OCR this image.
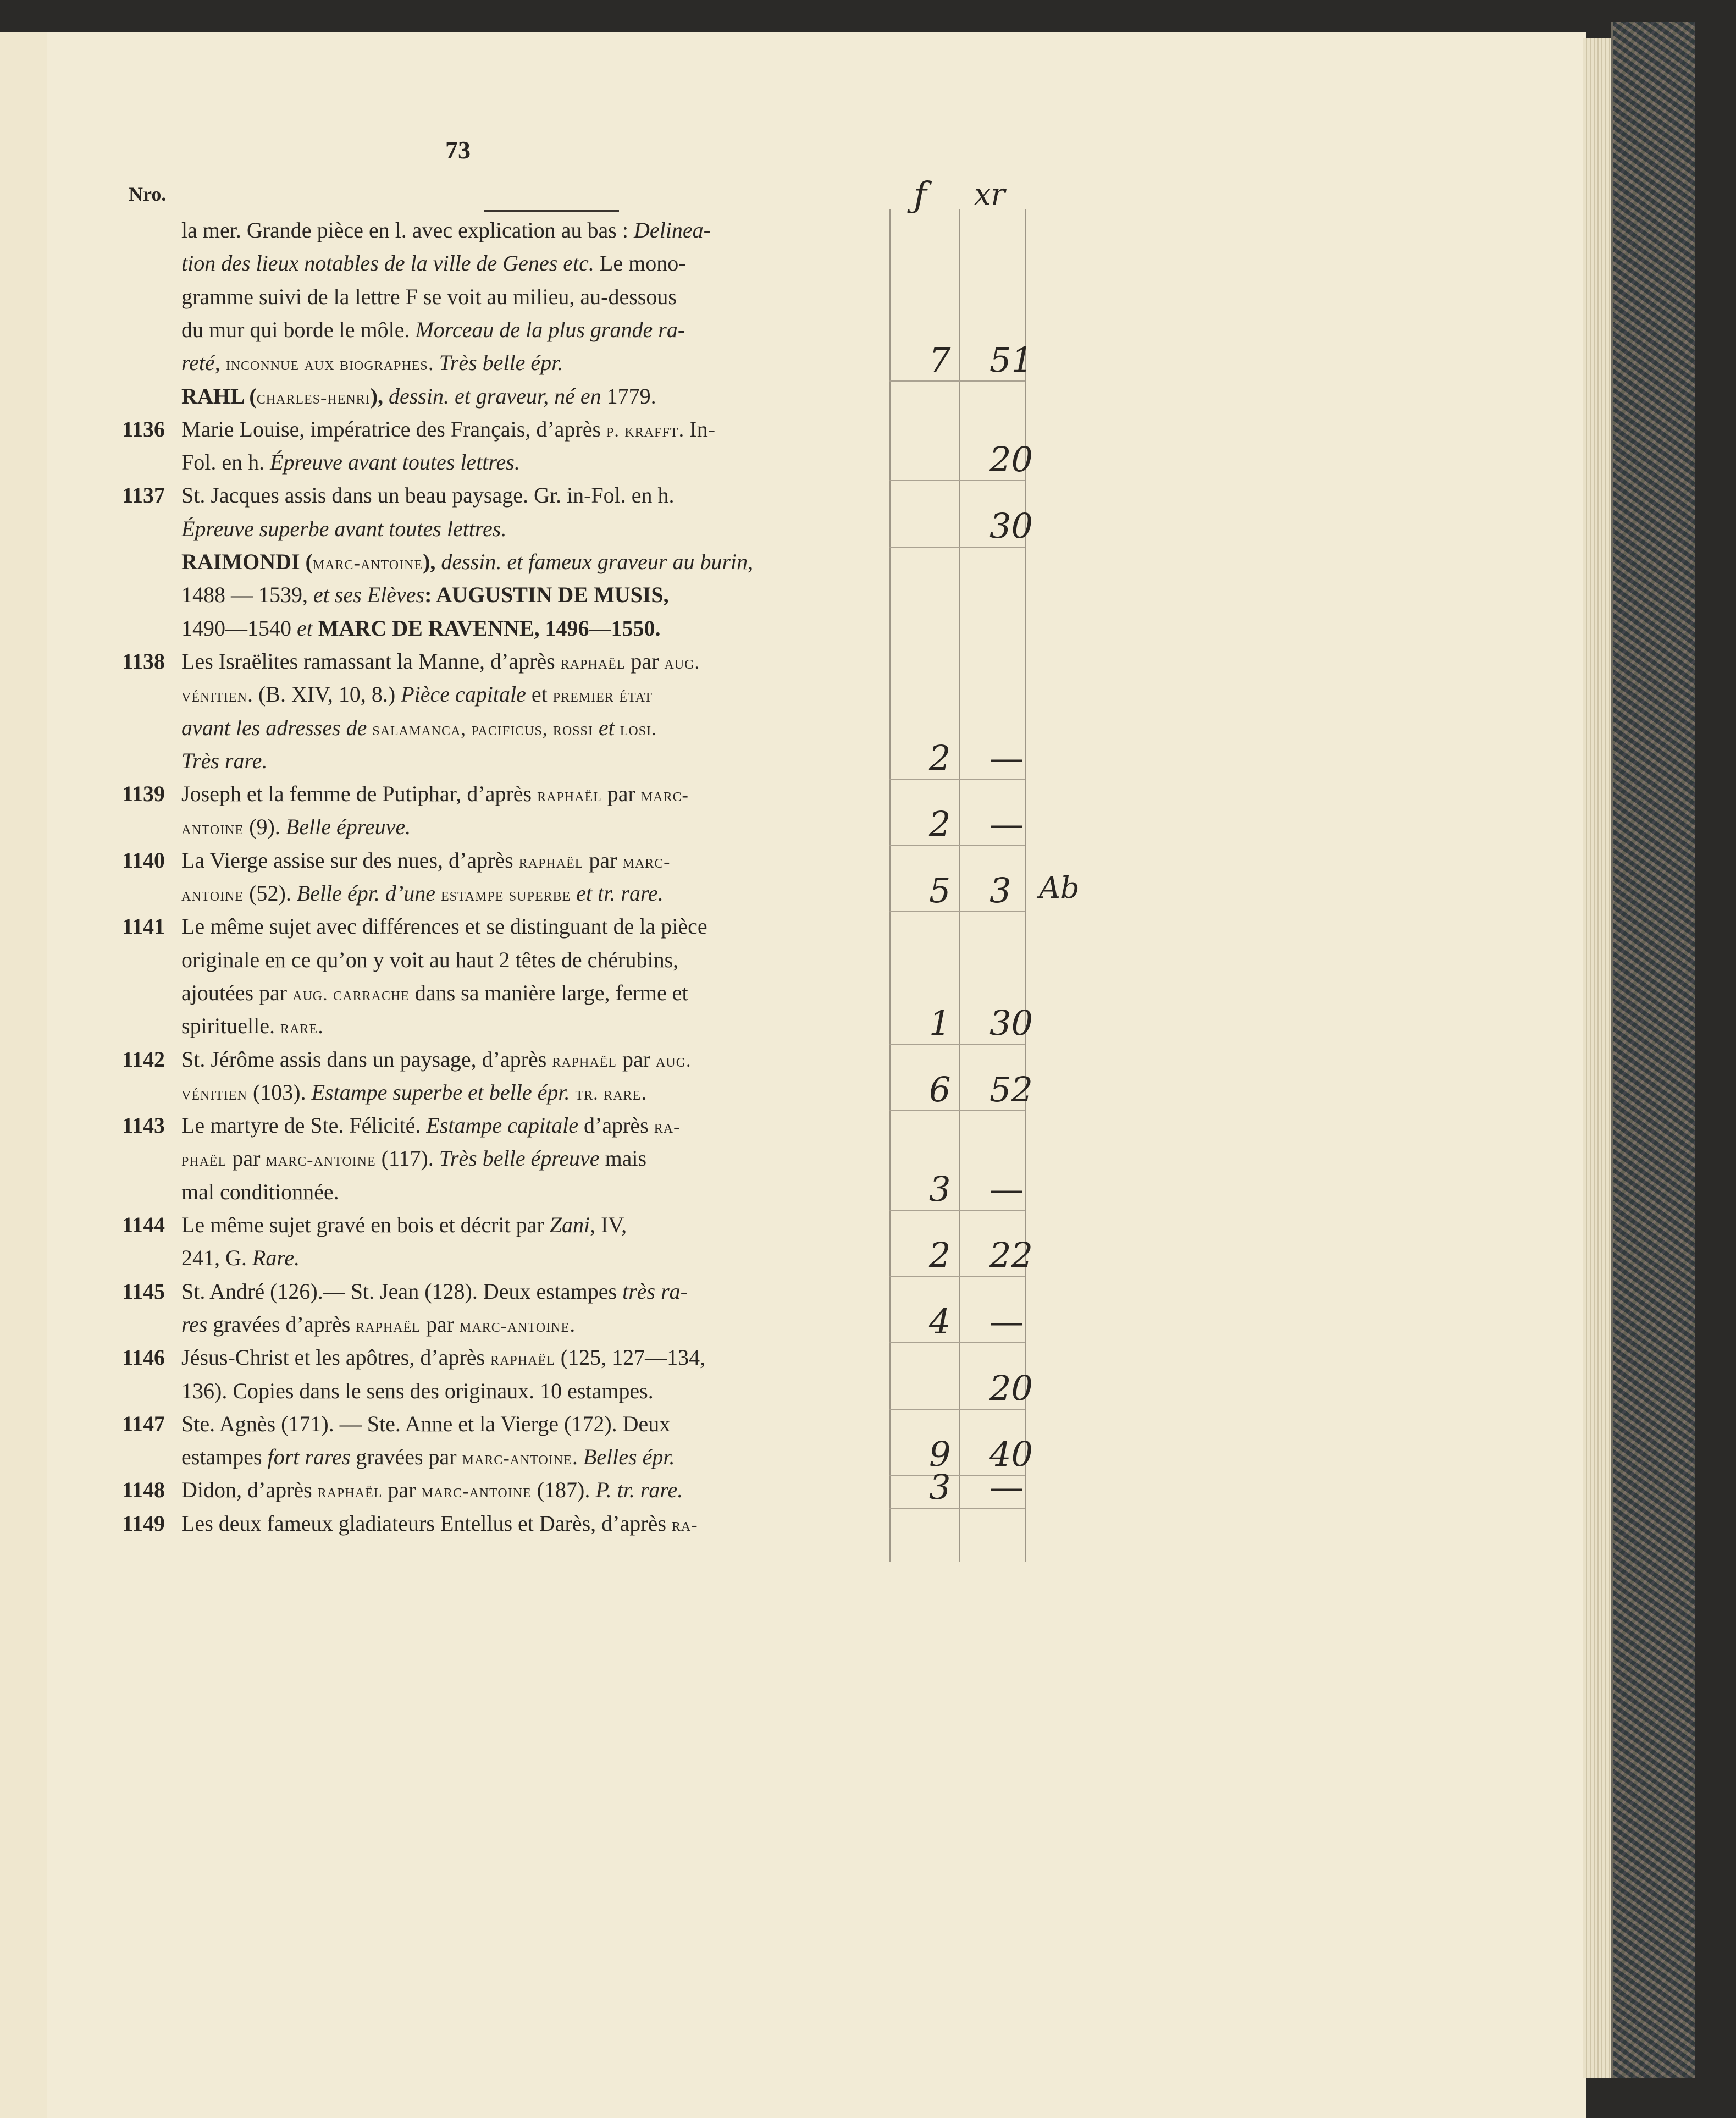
73
Nro.	ƒ xr
la mer. Grande pièce en l. avec explication au bas : Delinea-
tion des lieux notables de la ville de Genes etc. Le mono-
gramme suivi de la lettre F se voit au milieu, au-dessous
du mur qui borde le môle. Morceau de la plus grande ra-
reté, inconnue aux biographes. Très belle épr.
RAHL (charles-henri), dessin. et graveur, né en 1779.
1136 Marie Louise, impératrice des Français, d’après p. krafft. In-
Fol. en h. Épreuve avant toutes lettres.
1137 St. Jacques assis dans un beau paysage. Gr. in-Fol. en h.
Épreuve superbe avant toutes lettres.
RAIMONDI (marc-antoine), dessin. et fameux graveur au burin,
1488 — 1539, et ses Elèves: AUGUSTIN DE MUSIS,
1490—1540 et MARC DE RAVENNE, 1496—1550.
1138 Les Israëlites ramassant la Manne, d’après raphaël par aug.
vénitien. (B. XIV, 10, 8.) Pièce capitale et premier état
avant les adresses de salamanca, pacificus, rossi et losi.
Très rare.
1139 Joseph et la femme de Putiphar, d’après raphaël par marc-
antoine (9). Belle épreuve.
1140 La Vierge assise sur des nues, d’après raphaël par marc-
antoine (52). Belle épr. d’une estampe superbe et tr. rare.
1141 Le même sujet avec différences et se distinguant de la pièce
originale en ce qu’on y voit au haut 2 têtes de chérubins,
ajoutées par aug. carrache dans sa manière large, ferme et
spirituelle. rare.
1142 St. Jérôme assis dans un paysage, d’après raphaël par aug.
vénitien (103). Estampe superbe et belle épr. tr. rare.
1143 Le martyre de Ste. Félicité. Estampe capitale d’après ra-
phaël par marc-antoine (117). Très belle épreuve mais
mal conditionnée.
1144 Le même sujet gravé en bois et décrit par Zani, IV,
241, G. Rare.
1145 St. André (126).— St. Jean (128). Deux estampes très ra-
res gravées d’après raphaël par marc-antoine.
1146 Jésus-Christ et les apôtres, d’après raphaël (125, 127—134,
136). Copies dans le sens des originaux. 10 estampes.
1147 Ste. Agnès (171). — Ste. Anne et la Vierge (172). Deux
estampes fort rares gravées par marc-antoine. Belles épr.
1148 Didon, d’après raphaël par marc-antoine (187). P. tr. rare.
1149 Les deux fameux gladiateurs Entellus et Darès, d’après ra-
7 51
20
30
2 —
2 —
5 3 Ab
1 30
6 52
3 —
2 22
4 —
20
9 40
3 —
